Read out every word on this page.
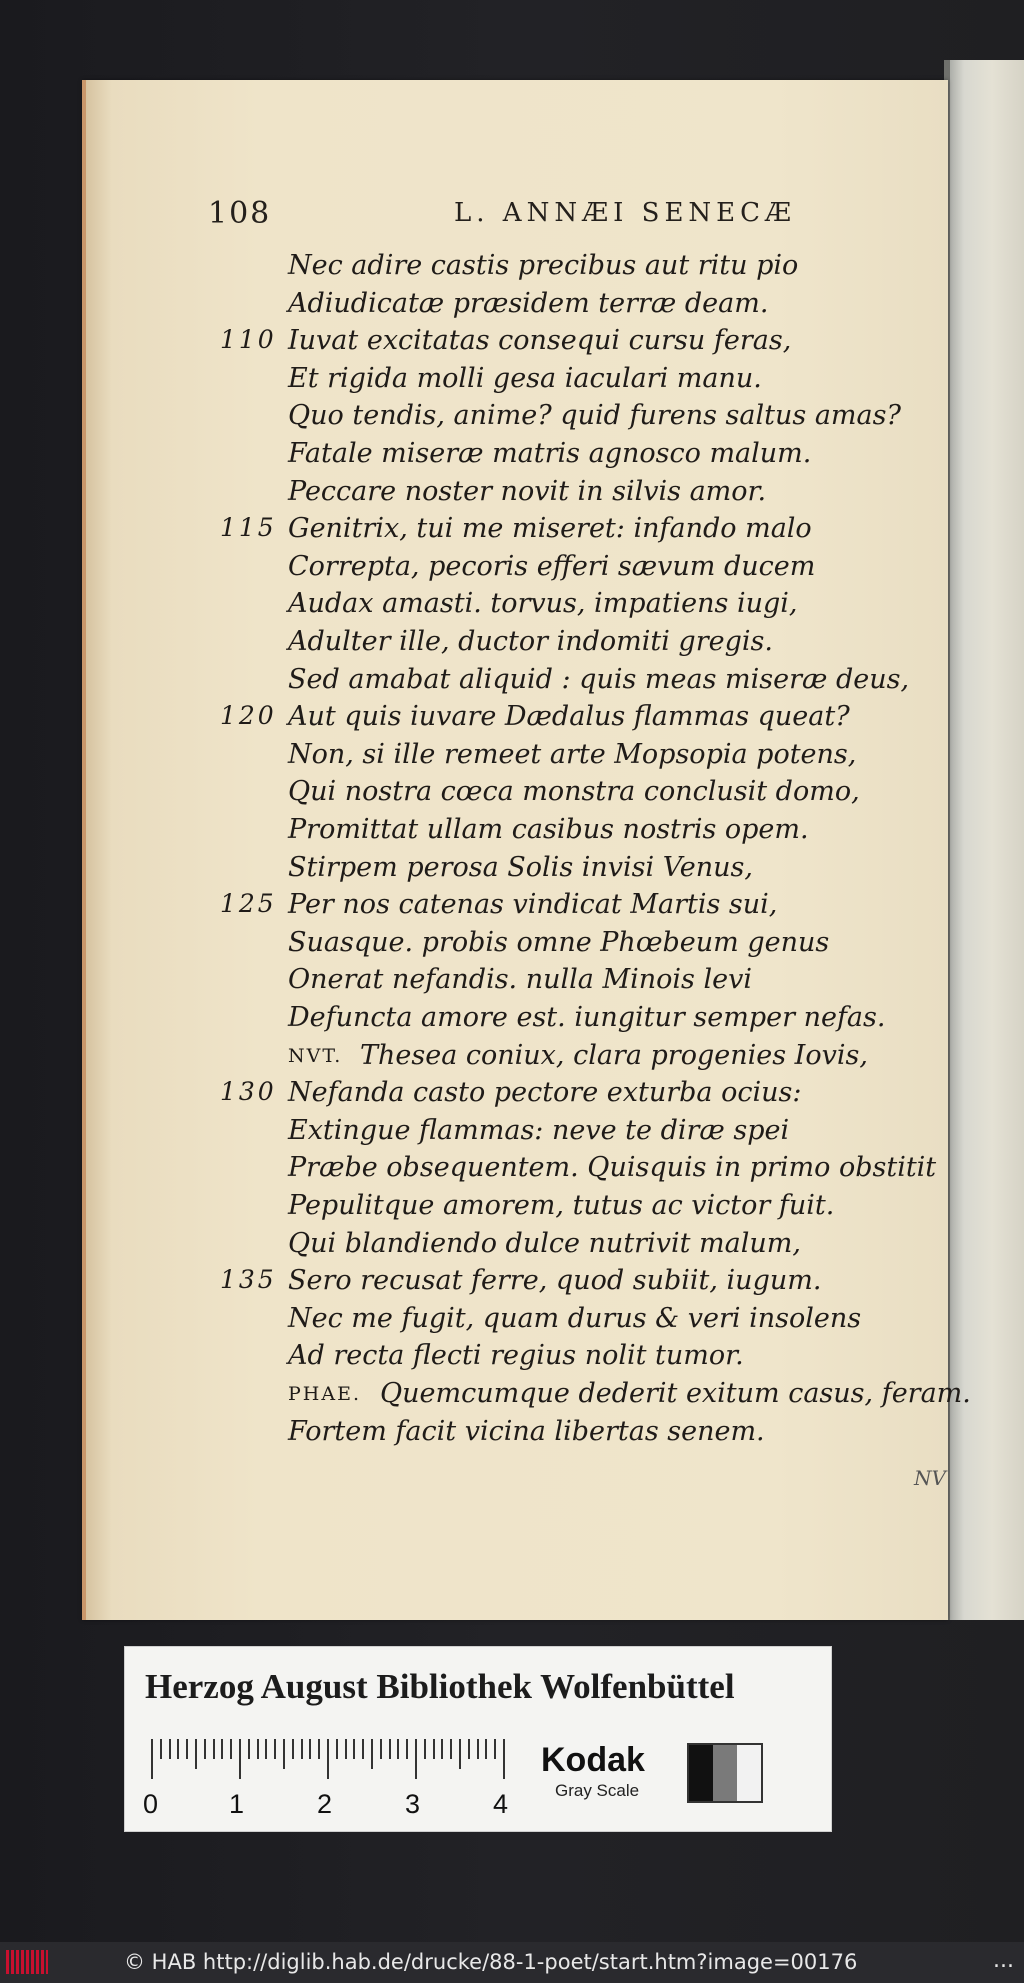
108	L. ANNÆI SENECÆ
Nec adire castis precibus aut ritu pio
Adiudicatæ præsidem terræ deam.
110 Iuvat excitatas consequi cursu feras,
Et rigida molli gesa iaculari manu.
Quo tendis, anime? quid furens saltus amas?
Fatale miseræ matris agnosco malum.
Peccare noster novit in silvis amor.
115 Genitrix, tui me miseret: infando malo
Correpta, pecoris efferi sævum ducem
Audax amasti. torvus, impatiens iugi,
Adulter ille, ductor indomiti gregis.
Sed amabat aliquid : quis meas miseræ deus,
120 Aut quis iuvare Dædalus flammas queat?
Non, si ille remeet arte Mopsopia potens,
Qui nostra cœca monstra conclusit domo,
Promittat ullam casibus nostris opem.
Stirpem perosa Solis invisi Venus,
125 Per nos catenas vindicat Martis sui,
Suasque. probis omne Phœbeum genus
Onerat nefandis. nulla Minois levi
Defuncta amore est. iungitur semper nefas.
NVT. Thesea coniux, clara progenies Iovis,
130 Nefanda casto pectore exturba ocius:
Extingue flammas: neve te diræ spei
Præbe obsequentem. Quisquis in primo obstitit
Pepulitque amorem, tutus ac victor fuit.
Qui blandiendo dulce nutrivit malum,
135 Sero recusat ferre, quod subiit, iugum.
Nec me fugit, quam durus & veri insolens
Ad recta flecti regius nolit tumor.
PHAE. Quemcumque dederit exitum casus, feram.
Fortem facit vicina libertas senem.
NV
Herzog August Bibliothek Wolfenbüttel
0	1	2	3	4
Kodak
Gray Scale
© HAB http://diglib.hab.de/drucke/88-1-poet/start.htm?image=00176	...
